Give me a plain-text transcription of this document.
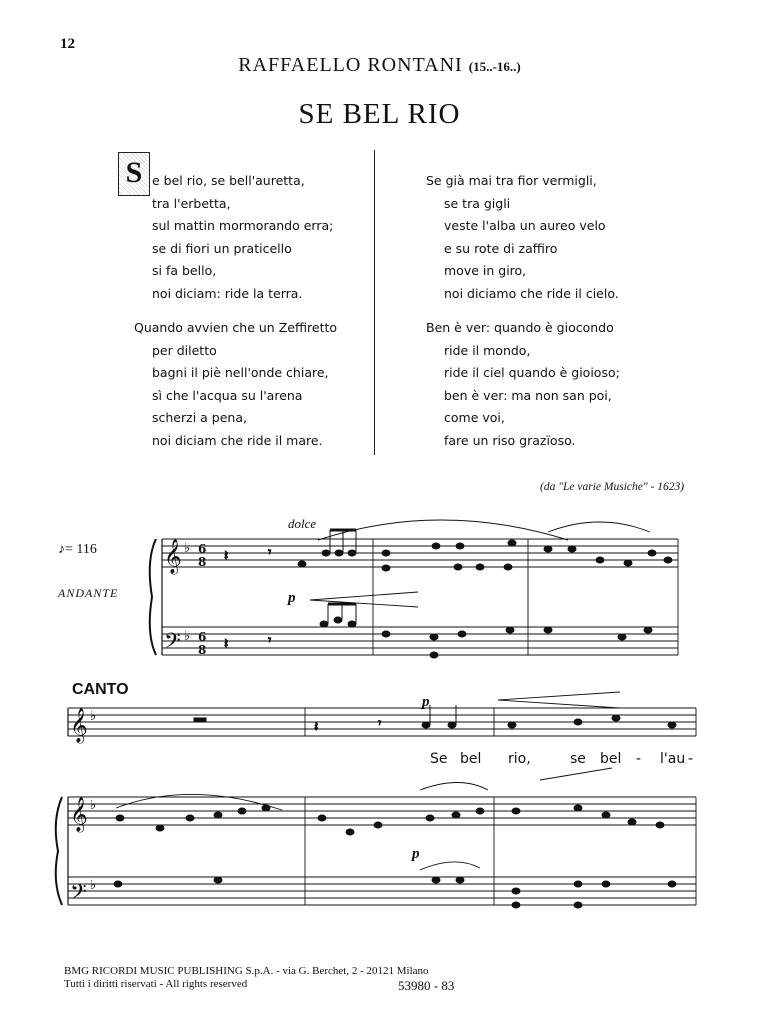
12
RAFFAELLO RONTANI (15..-16..)
SE BEL RIO
S e bel rio, se bell'auretta,
tra l'erbetta,
sul mattin mormorando erra;
se di fiori un praticello
si fa bello,
noi diciam: ride la terra.
Quando avvien che un Zeffiretto
per diletto
bagni il piè nell'onde chiare,
sì che l'acqua su l'arena
scherzi a pena,
noi diciam che ride il mare.
Se già mai tra fior vermigli,
se tra gigli
veste l'alba un aureo velo
e su rote di zaffiro
move in giro,
noi diciamo che ride il cielo.
Ben è ver: quando è giocondo
ride il mondo,
ride il ciel quando è gioioso;
ben è ver: ma non san poi,
come voi,
fare un riso grazïoso.
(da "Le varie Musiche" - 1623)
𝄞
𝄢
𝄞
𝄞
𝄢
♭
♭
♭
♭
♭
6
8
6
8
𝄽	𝄾
𝄽	𝄾
𝄽	𝄾
♪= 116
ANDANTE
dolce
p
p
p
CANTO
Se bel rio,	se bel - l'au -
BMG RICORDI MUSIC PUBLISHING S.p.A. - via G. Berchet, 2 - 20121 Milano
Tutti i diritti riservati - All rights reserved	53980 - 83
